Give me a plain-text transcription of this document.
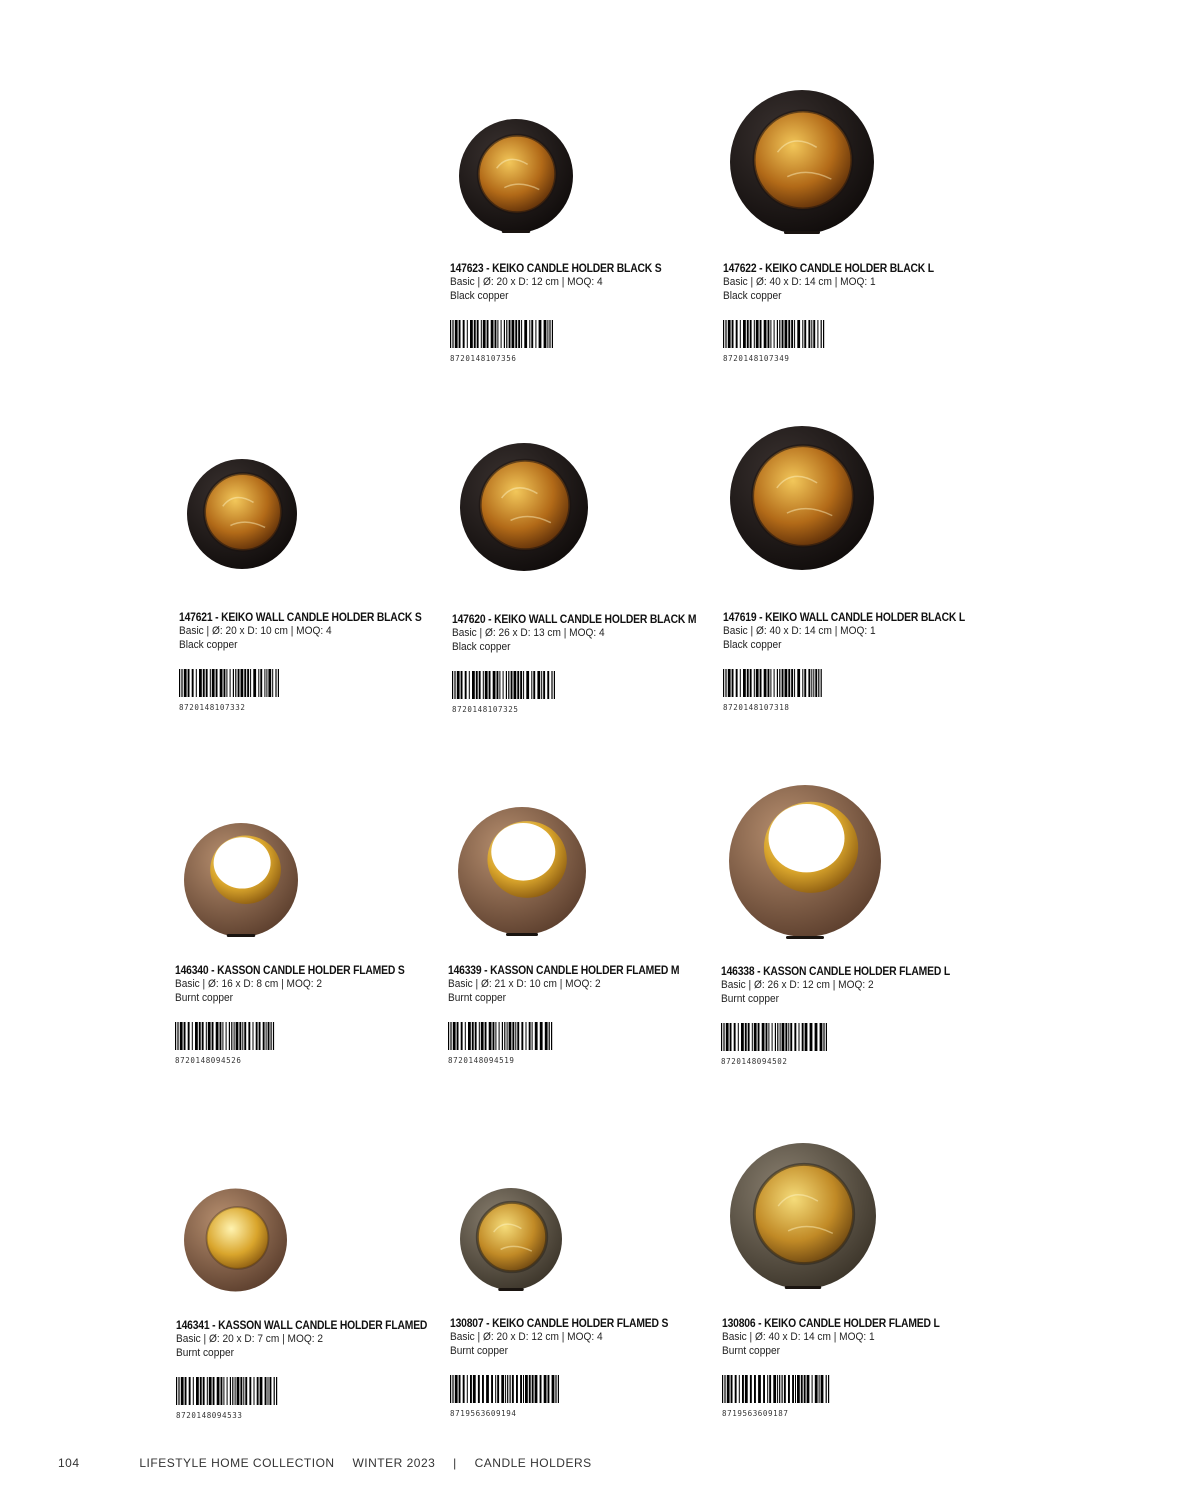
147623 - KEIKO CANDLE HOLDER BLACK S
Basic | Ø: 20 x D: 12 cm | MOQ: 4
Black copper
8720148107356
147622 - KEIKO CANDLE HOLDER BLACK L
Basic | Ø: 40 x D: 14 cm | MOQ: 1
Black copper
8720148107349
147621 - KEIKO WALL CANDLE HOLDER BLACK S
Basic | Ø: 20 x D: 10 cm | MOQ: 4
Black copper
8720148107332
147620 - KEIKO WALL CANDLE HOLDER BLACK M
Basic | Ø: 26 x D: 13 cm | MOQ: 4
Black copper
8720148107325
147619 - KEIKO WALL CANDLE HOLDER BLACK L
Basic | Ø: 40 x D: 14 cm | MOQ: 1
Black copper
8720148107318
146340 - KASSON CANDLE HOLDER FLAMED S
Basic | Ø: 16 x D: 8 cm | MOQ: 2
Burnt copper
8720148094526
146339 - KASSON CANDLE HOLDER FLAMED M
Basic | Ø: 21 x D: 10 cm | MOQ: 2
Burnt copper
8720148094519
146338 - KASSON CANDLE HOLDER FLAMED L
Basic | Ø: 26 x D: 12 cm | MOQ: 2
Burnt copper
8720148094502
146341 - KASSON WALL CANDLE HOLDER FLAMED
Basic | Ø: 20 x D: 7 cm | MOQ: 2
Burnt copper
8720148094533
130807 - KEIKO CANDLE HOLDER FLAMED S
Basic | Ø: 20 x D: 12 cm | MOQ: 4
Burnt copper
8719563609194
130806 - KEIKO CANDLE HOLDER FLAMED L
Basic | Ø: 40 x D: 14 cm | MOQ: 1
Burnt copper
8719563609187
104	LIFESTYLE HOME COLLECTION WINTER 2023 | CANDLE HOLDERS
